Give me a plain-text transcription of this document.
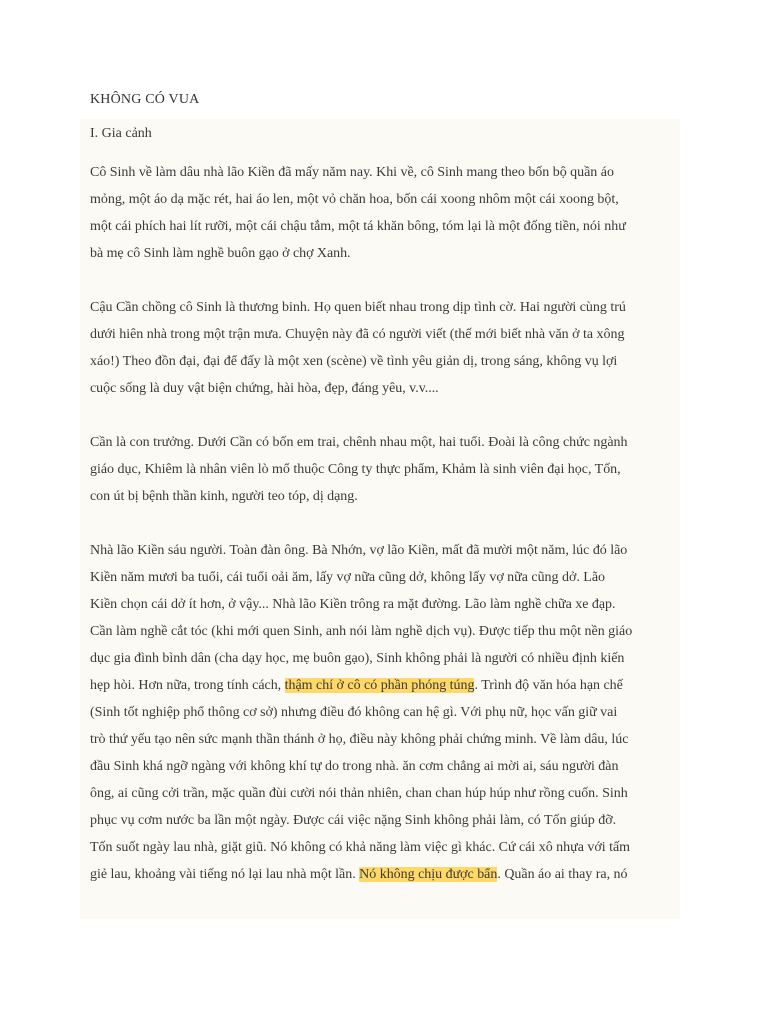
KHÔNG CÓ VUA
I. Gia cảnh
Cô Sinh về làm dâu nhà lão Kiền đã mấy năm nay. Khi về, cô Sinh mang theo bốn bộ quần áo
mỏng, một áo dạ mặc rét, hai áo len, một vỏ chăn hoa, bốn cái xoong nhôm một cái xoong bột,
một cái phích hai lít rưỡi, một cái chậu tắm, một tá khăn bông, tóm lại là một đống tiền, nói như
bà mẹ cô Sinh làm nghề buôn gạo ở chợ Xanh.
Cậu Cần chồng cô Sinh là thương binh. Họ quen biết nhau trong dịp tình cờ. Hai người cùng trú
dưới hiên nhà trong một trận mưa. Chuyện này đã có người viết (thế mới biết nhà văn ở ta xông
xáo!) Theo đồn đại, đại để đấy là một xen (scène) về tình yêu giản dị, trong sáng, không vụ lợi
cuộc sống là duy vật biện chứng, hài hòa, đẹp, đáng yêu, v.v....
Cần là con trưởng. Dưới Cần có bốn em trai, chênh nhau một, hai tuổi. Đoài là công chức ngành
giáo dục, Khiêm là nhân viên lò mổ thuộc Công ty thực phẩm, Khảm là sinh viên đại học, Tốn,
con út bị bệnh thần kinh, người teo tóp, dị dạng.
Nhà lão Kiền sáu người. Toàn đàn ông. Bà Nhớn, vợ lão Kiền, mất đã mười một năm, lúc đó lão
Kiền năm mươi ba tuổi, cái tuổi oải ăm, lấy vợ nữa cũng dở, không lấy vợ nữa cũng dở. Lão
Kiền chọn cái dở ít hơn, ở vậy... Nhà lão Kiền trông ra mặt đường. Lão làm nghề chữa xe đạp.
Cần làm nghề cắt tóc (khi mới quen Sinh, anh nói làm nghề dịch vụ). Được tiếp thu một nền giáo
dục gia đình bình dân (cha dạy học, mẹ buôn gạo), Sinh không phải là người có nhiều định kiến
hẹp hòi. Hơn nữa, trong tính cách, thậm chí ở cô có phần phóng túng. Trình độ văn hóa hạn chế
(Sinh tốt nghiệp phổ thông cơ sở) nhưng điều đó không can hệ gì. Với phụ nữ, học vấn giữ vai
trò thứ yếu tạo nên sức mạnh thần thánh ở họ, điều này không phải chứng minh. Về làm dâu, lúc
đầu Sinh khá ngỡ ngàng với không khí tự do trong nhà. ăn cơm chẳng ai mời ai, sáu người đàn
ông, ai cũng cởi trần, mặc quần đùi cười nói thản nhiên, chan chan húp húp như rồng cuốn. Sinh
phục vụ cơm nước ba lần một ngày. Được cái việc nặng Sinh không phải làm, có Tốn giúp đỡ.
Tốn suốt ngày lau nhà, giặt giũ. Nó không có khả năng làm việc gì khác. Cứ cái xô nhựa với tấm
giẻ lau, khoảng vài tiếng nó lại lau nhà một lần. Nó không chịu được bẩn. Quần áo ai thay ra, nó
